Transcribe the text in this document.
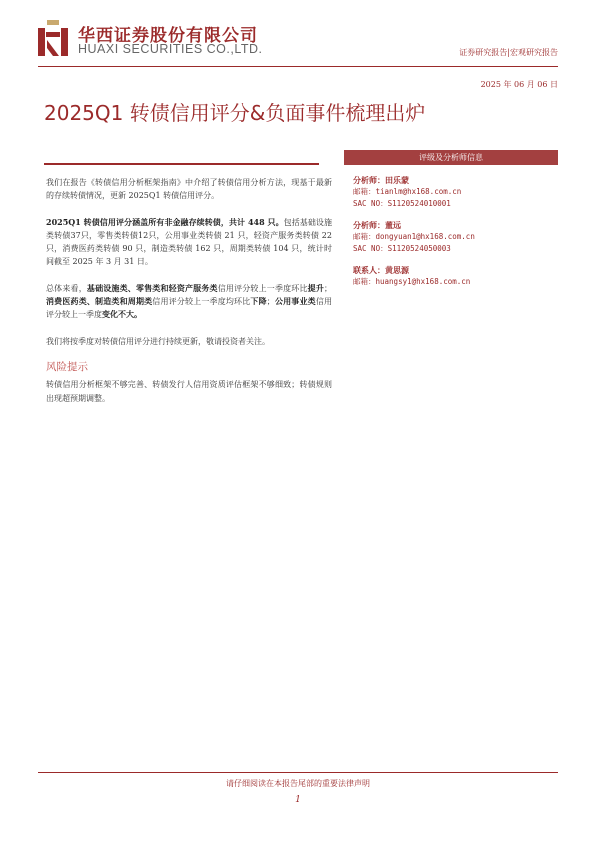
华西证券股份有限公司
HUAXI SECURITIES CO.,LTD.	证券研究报告|宏观研究报告
2025 年 06 月 06 日
2025Q1 转债信用评分&负面事件梳理出炉

我们在报告《转债信用分析框架指南》中介绍了转债信用分析方法，现基于最新的存续转债情况，更新 2025Q1 转债信用评分。

2025Q1 转债信用评分涵盖所有非金融存续转债，共计 448 只。包括基础设施类转债37只，零售类转债12只，公用事业类转债 21 只，轻资产服务类转债 22 只，消费医药类转债 90 只，制造类转债 162 只，周期类转债 104 只，统计时间截至 2025 年 3 月 31 日。

总体来看，基础设施类、零售类和轻资产服务类信用评分较上一季度环比提升；消费医药类、制造类和周期类信用评分较上一季度均环比下降；公用事业类信用评分较上一季度变化不大。

我们将按季度对转债信用评分进行持续更新，敬请投资者关注。

风险提示

转债信用分析框架不够完善、转债发行人信用资质评估框架不够细致；转债规则出现超预期调整。

评级及分析师信息
分析师：田乐蒙
邮箱：tianlm@hx168.com.cn
SAC NO：S1120524010001
分析师：董远
邮箱：dongyuan1@hx168.com.cn
SAC NO：S1120524050003
联系人：黄思源
邮箱：huangsy1@hx168.com.cn
请仔细阅读在本报告尾部的重要法律声明
1
